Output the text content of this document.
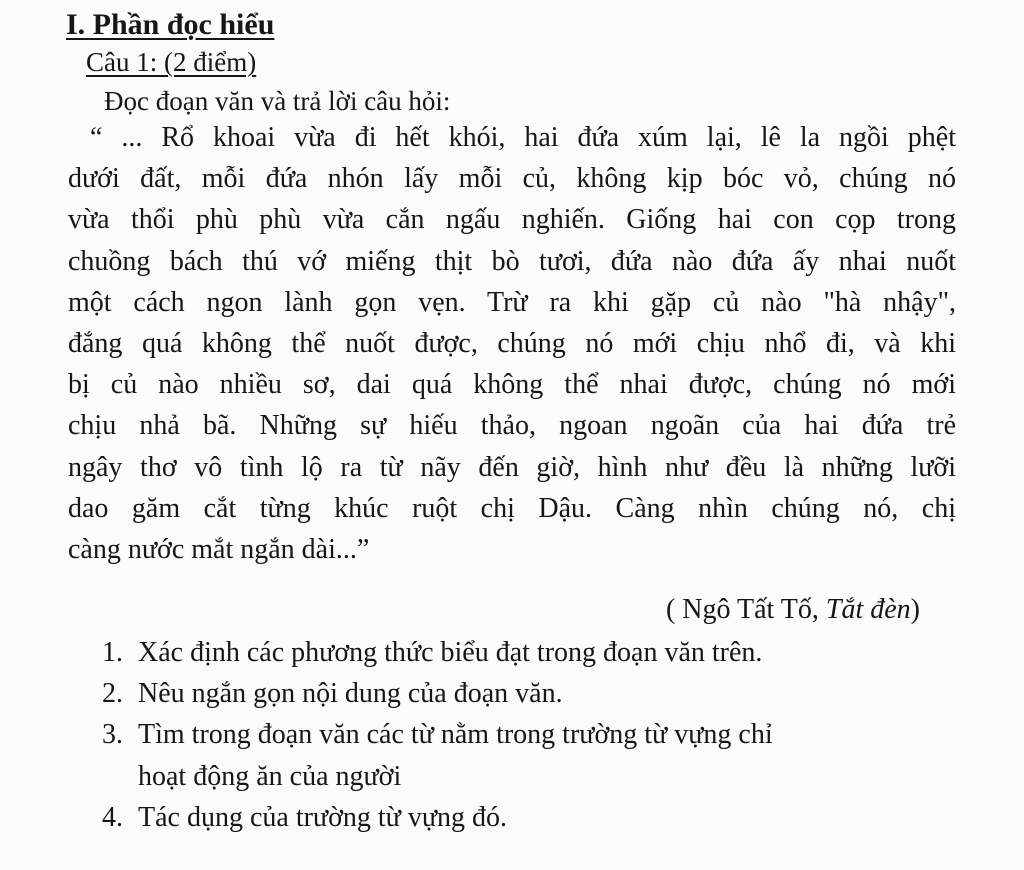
I. Phần đọc hiểu
Câu 1: (2 điểm)
Đọc đoạn văn và trả lời câu hỏi:
“ ... Rổ khoai vừa đi hết khói, hai đứa xúm lại, lê la ngồi phệt
dưới đất, mỗi đứa nhón lấy mỗi củ, không kịp bóc vỏ, chúng nó
vừa thổi phù phù vừa cắn ngấu nghiến. Giống hai con cọp trong
chuồng bách thú vớ miếng thịt bò tươi, đứa nào đứa ấy nhai nuốt
một cách ngon lành gọn vẹn. Trừ ra khi gặp củ nào "hà nhậy",
đắng quá không thể nuốt được, chúng nó mới chịu nhổ đi, và khi
bị củ nào nhiều sơ, dai quá không thể nhai được, chúng nó mới
chịu nhả bã. Những sự hiếu thảo, ngoan ngoãn của hai đứa trẻ
ngây thơ vô tình lộ ra từ nãy đến giờ, hình như đều là những lưỡi
dao găm cắt từng khúc ruột chị Dậu. Càng nhìn chúng nó, chị
càng nước mắt ngắn dài...”
( Ngô Tất Tố, Tắt đèn)
1. Xác định các phương thức biểu đạt trong đoạn văn trên.
2. Nêu ngắn gọn nội dung của đoạn văn.
3. Tìm trong đoạn văn các từ nằm trong trường từ vựng chỉ
hoạt động ăn của người
4. Tác dụng của trường từ vựng đó.
